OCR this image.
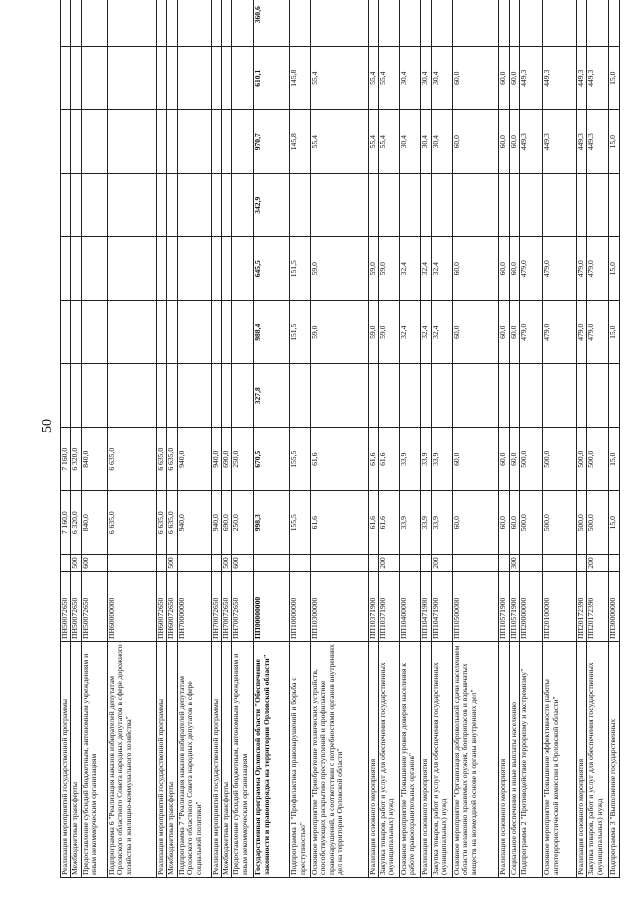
50
Реализация мероприятий государственной программы	ПН50072650		7 160,0	7 160,0							
Межбюджетные трансферты	ПН50072650	500	6 320,0	6 320,0							
Предоставление субсидий бюджетным, автономным учреждениям и иным некоммерческим организациям	ПН50072650	600	840,0	840,0							
Подпрограмма 6 "Реализация наказов избирателей депутатам Орловского областного Совета народных депутатов в сфере дорожного хозяйства и жилищно-коммунального хозяйства"	ПН60000000		6 635,0	6 635,0							
Реализация мероприятий государственной программы	ПН60072650		6 635,0	6 635,0							
Межбюджетные трансферты	ПН60072650	500	6 635,0	6 635,0							
Подпрограмма 7 "Реализация наказов избирателей депутатам Орловского областного Совета народных депутатов в сфере социальной политики"	ПН70000000		940,0	940,0							
Реализация мероприятий государственной программы	ПН70072650		940,0	940,0							
Межбюджетные трансферты	ПН70072650	500	690,0	690,0							
Предоставление субсидий бюджетным, автономным учреждениям и иным некоммерческим организациям	ПН70072650	600	250,0	250,0							
Государственная программа Орловской области "Обеспечение законности и правопорядка на территории Орловской области"	ПП00000000		998,3	670,5	327,8	988,4	645,5	342,9	970,7	610,1	360,6
Подпрограмма 1 "Профилактика правонарушений и борьба с преступностью"	ПП10000000		155,5	155,5		151,5	151,5		145,8	145,8	
Основное мероприятие "Приобретение технических устройств, способствующих раскрытию преступлений и профилактике правонарушений, в соответствии с потребностями органов внутренних дел на территории Орловской области"	ПП10300000		61,6	61,6		59,0	59,0		55,4	55,4	
Реализация основного мероприятия	ПП10371900		61,6	61,6		59,0	59,0		55,4	55,4	
Закупка товаров, работ и услуг для обеспечения государственных (муниципальных) нужд	ПП10371900	200	61,6	61,6		59,0	59,0		55,4	55,4	
Основное мероприятие "Повышение уровня доверия населения к работе правоохранительных органов"	ПП10400000		33,9	33,9		32,4	32,4		30,4	30,4	
Реализация основного мероприятия	ПП10471900		33,9	33,9		32,4	32,4		30,4	30,4	
Закупка товаров, работ и услуг для обеспечения государственных (муниципальных) нужд	ПП10471900	200	33,9	33,9		32,4	32,4		30,4	30,4	
Основное мероприятие "Организация добровольной сдачи населением области незаконно хранимых оружия, боеприпасов и взрывчатых веществ на возмездной основе в органы внутренних дел"	ПП10500000		60,0	60,0		60,0	60,0		60,0	60,0	
Реализация основного мероприятия	ПП10571900		60,0	60,0		60,0	60,0		60,0	60,0	
Социальное обеспечение и иные выплаты населению	ПП10571900	300	60,0	60,0		60,0	60,0		60,0	60,0	
Подпрограмма 2 "Противодействие терроризму и экстремизму"	ПП20000000		500,0	500,0		479,0	479,0		449,3	449,3	
Основное мероприятие "Повышение эффективности работы антитеррористической комиссии в Орловской области"	ПП20100000		500,0	500,0		479,0	479,0		449,3	449,3	
Реализация основного мероприятия	ПП20172390		500,0	500,0		479,0	479,0		449,3	449,3	
Закупка товаров, работ и услуг для обеспечения государственных (муниципальных) нужд	ПП20172390	200	500,0	500,0		479,0	479,0		449,3	449,3	
Подпрограмма 3 "Выполнение государственных	ПП30000000		15,0	15,0		15,0	15,0		15,0	15,0	
